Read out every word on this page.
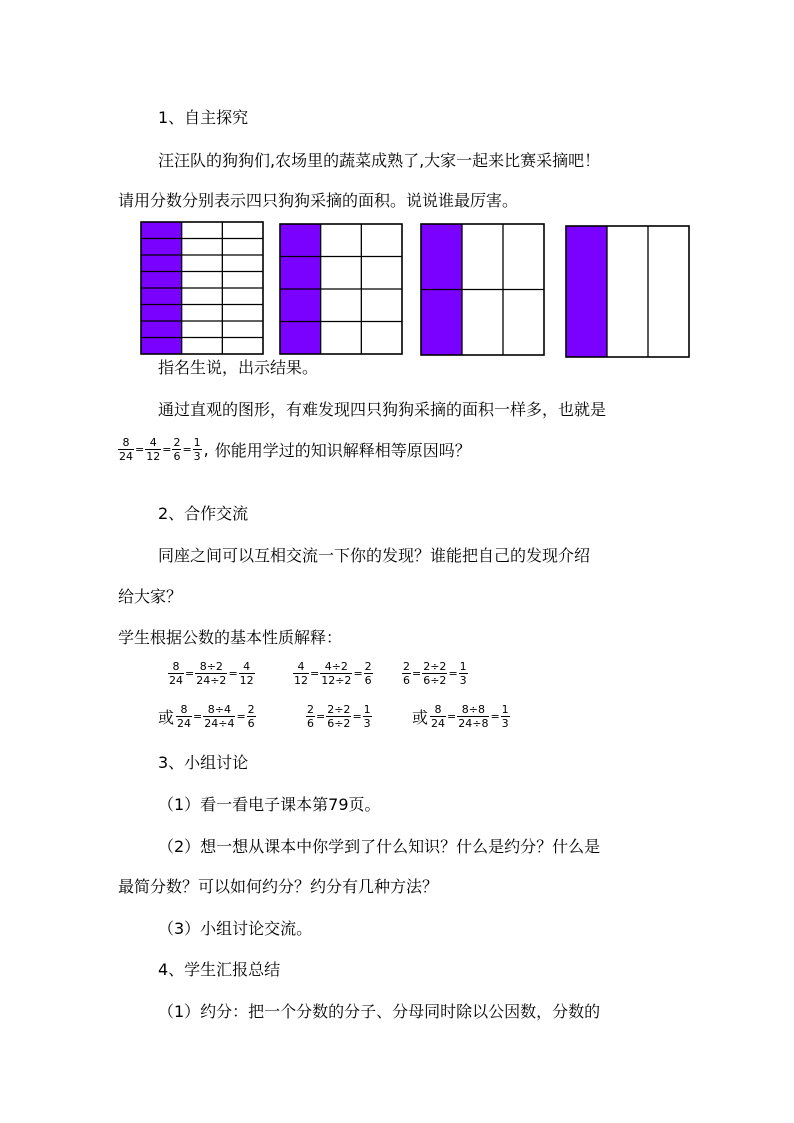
1、自主探究
汪汪队的狗狗们,农场里的蔬菜成熟了,大家一起来比赛采摘吧！
请用分数分别表示四只狗狗采摘的面积。说说谁最厉害。
指名生说，出示结果。
通过直观的图形，有难发现四只狗狗采摘的面积一样多，也就是
$\frac{8}{24} = \frac{4}{12} = \frac{2}{6} = \frac{1}{3}$ , 你能用学过的知识解释相等原因吗？
2、合作交流
同座之间可以互相交流一下你的发现？谁能把自己的发现介绍
给大家？
学生根据公数的基本性质解释：
$\frac{8}{24} = \frac{8\div 2}{24\div 2} = \frac{4}{12}$	$\frac{4}{12} = \frac{4\div 2}{12\div 2} = \frac{2}{6}$	$\frac{2}{6} = \frac{2\div 2}{6\div 2} = \frac{1}{3}$
或 $\frac{8}{24} = \frac{8\div 4}{24\div 4} = \frac{2}{6}$	$\frac{2}{6} = \frac{2\div 2}{6\div 2} = \frac{1}{3}$	或 $\frac{8}{24} = \frac{8\div 8}{24\div 8} = \frac{1}{3}$
3、小组讨论
（1）看一看电子课本第79页。
（2）想一想从课本中你学到了什么知识？什么是约分？什么是
最简分数？可以如何约分？约分有几种方法？
（3）小组讨论交流。
4、学生汇报总结
（1）约分：把一个分数的分子、分母同时除以公因数，分数的
